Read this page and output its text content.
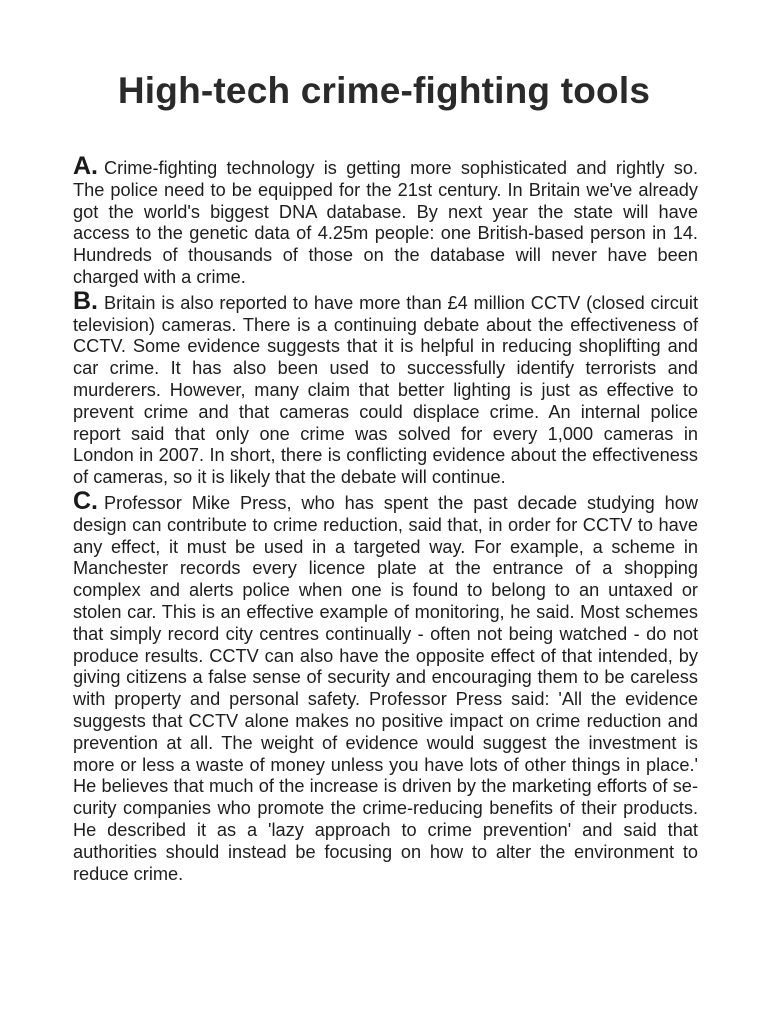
High-tech crime-fighting tools

A. Crime-fighting technology is getting more sophisticated and rightly so. The police need to be equipped for the 21st century. In Britain we've already got the world's biggest DNA database. By next year the state will have access to the genetic data of 4.25m people: one British-based person in 14. Hundreds of thousands of those on the database will never have been charged with a crime.

B. Britain is also reported to have more than £4 million CCTV (closed circuit television) cameras. There is a continuing debate about the effectiveness of CCTV. Some evidence suggests that it is helpful in reducing shoplifting and car crime. It has also been used to successfully identify terrorists and murderers. However, many claim that better lighting is just as effective to prevent crime and that cameras could displace crime. An internal police report said that only one crime was solved for every 1,000 cameras in London in 2007. In short, there is conflicting evidence about the effectiveness of cameras, so it is likely that the debate will continue.

C. Professor Mike Press, who has spent the past decade studying how design can contribute to crime reduction, said that, in order for CCTV to have any effect, it must be used in a targeted way. For example, a scheme in Manchester records every licence plate at the entrance of a shopping complex and alerts police when one is found to belong to an untaxed or stolen car. This is an effective example of monitoring, he said. Most schemes that simply record city centres continually - often not being watched - do not produce results. CCTV can also have the opposite effect of that intended, by giving citizens a false sense of security and encouraging them to be careless with property and personal safety. Professor Press said: 'All the evidence suggests that CCTV alone makes no positive impact on crime reduction and prevention at all. The weight of evidence would suggest the investment is more or less a waste of money unless you have lots of other things in place.' He believes that much of the increase is driven by the marketing efforts of security companies who promote the crime-reducing benefits of their products. He described it as a 'lazy approach to crime prevention' and said that authorities should instead be focusing on how to alter the environment to reduce crime.
